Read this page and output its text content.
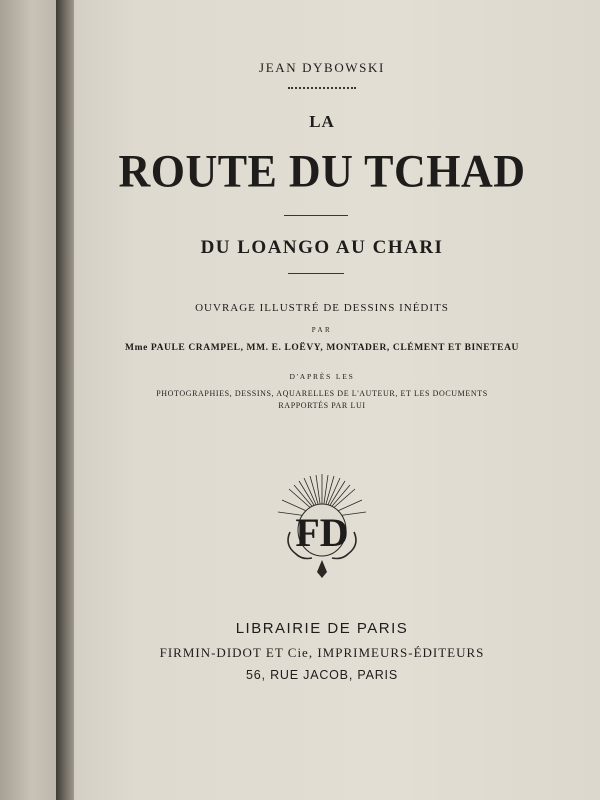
JEAN DYBOWSKI
LA
ROUTE DU TCHAD
DU LOANGO AU CHARI
OUVRAGE ILLUSTRÉ DE DESSINS INÉDITS
PAR
Mme PAULE CRAMPEL, MM. E. LOËVY, MONTADER, CLÉMENT ET BINETEAU
D'APRÈS LES
PHOTOGRAPHIES, DESSINS, AQUARELLES DE L'AUTEUR, ET LES DOCUMENTS
RAPPORTÉS PAR LUI
FD
LIBRAIRIE DE PARIS
FIRMIN-DIDOT ET Cie, IMPRIMEURS-ÉDITEURS
56, RUE JACOB, PARIS
